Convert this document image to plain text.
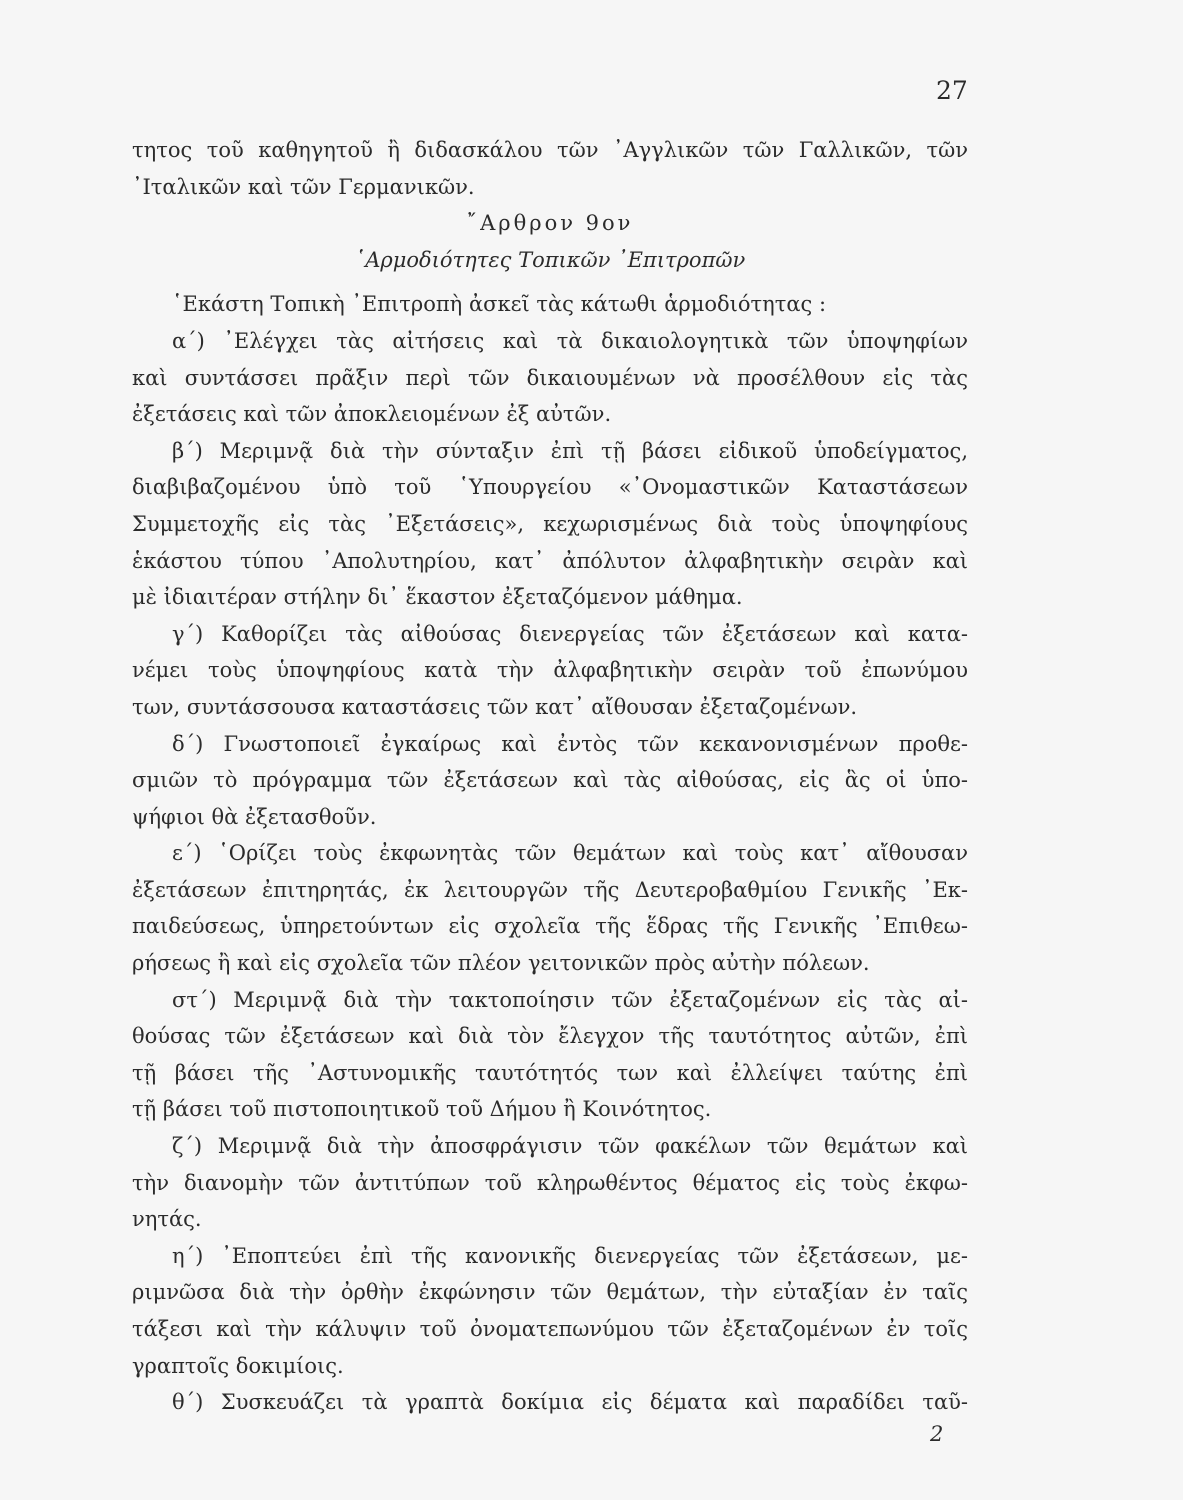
27
τητος τοῦ καθηγητοῦ ἢ διδασκάλου τῶν ᾿Αγγλικῶν τῶν Γαλλικῶν, τῶν
᾿Ιταλικῶν καὶ τῶν Γερμανικῶν.
῎Αρθρον 9ον
῾Αρμοδιότητες Τοπικῶν ᾿Επιτροπῶν
῾Εκάστη Τοπικὴ ᾿Επιτροπὴ ἀσκεῖ τὰς κάτωθι ἁρμοδιότητας :
α΄) ᾿Ελέγχει τὰς αἰτήσεις καὶ τὰ δικαιολογητικὰ τῶν ὑποψηφίων
καὶ συντάσσει πρᾶξιν περὶ τῶν δικαιουμένων νὰ προσέλθουν εἰς τὰς
ἐξετάσεις καὶ τῶν ἀποκλειομένων ἐξ αὐτῶν.
β΄) Μεριμνᾷ διὰ τὴν σύνταξιν ἐπὶ τῇ βάσει εἰδικοῦ ὑποδείγματος,
διαβιβαζομένου ὑπὸ τοῦ ῾Υπουργείου «᾿Ονομαστικῶν Καταστάσεων
Συμμετοχῆς εἰς τὰς ᾿Εξετάσεις», κεχωρισμένως διὰ τοὺς ὑποψηφίους
ἑκάστου τύπου ᾿Απολυτηρίου, κατ᾿ ἀπόλυτον ἀλφαβητικὴν σειρὰν καὶ
μὲ ἰδιαιτέραν στήλην δι᾿ ἕκαστον ἐξεταζόμενον μάθημα.
γ΄) Καθορίζει τὰς αἰθούσας διενεργείας τῶν ἐξετάσεων καὶ κατα-
νέμει τοὺς ὑποψηφίους κατὰ τὴν ἀλφαβητικὴν σειρὰν τοῦ ἐπωνύμου
των, συντάσσουσα καταστάσεις τῶν κατ᾿ αἴθουσαν ἐξεταζομένων.
δ΄) Γνωστοποιεῖ ἐγκαίρως καὶ ἐντὸς τῶν κεκανονισμένων προθε-
σμιῶν τὸ πρόγραμμα τῶν ἐξετάσεων καὶ τὰς αἰθούσας, εἰς ἃς οἱ ὑπο-
ψήφιοι θὰ ἐξετασθοῦν.
ε΄) ῾Ορίζει τοὺς ἐκφωνητὰς τῶν θεμάτων καὶ τοὺς κατ᾿ αἴθουσαν
ἐξετάσεων ἐπιτηρητάς, ἐκ λειτουργῶν τῆς Δευτεροβαθμίου Γενικῆς ᾿Εκ-
παιδεύσεως, ὑπηρετούντων εἰς σχολεῖα τῆς ἕδρας τῆς Γενικῆς ᾿Επιθεω-
ρήσεως ἢ καὶ εἰς σχολεῖα τῶν πλέον γειτονικῶν πρὸς αὐτὴν πόλεων.
στ΄) Μεριμνᾷ διὰ τὴν τακτοποίησιν τῶν ἐξεταζομένων εἰς τὰς αἰ-
θούσας τῶν ἐξετάσεων καὶ διὰ τὸν ἔλεγχον τῆς ταυτότητος αὐτῶν, ἐπὶ
τῇ βάσει τῆς ᾿Αστυνομικῆς ταυτότητός των καὶ ἐλλείψει ταύτης ἐπὶ
τῇ βάσει τοῦ πιστοποιητικοῦ τοῦ Δήμου ἢ Κοινότητος.
ζ΄) Μεριμνᾷ διὰ τὴν ἀποσφράγισιν τῶν φακέλων τῶν θεμάτων καὶ
τὴν διανομὴν τῶν ἀντιτύπων τοῦ κληρωθέντος θέματος εἰς τοὺς ἐκφω-
νητάς.
η΄) ᾿Εποπτεύει ἐπὶ τῆς κανονικῆς διενεργείας τῶν ἐξετάσεων, με-
ριμνῶσα διὰ τὴν ὀρθὴν ἐκφώνησιν τῶν θεμάτων, τὴν εὐταξίαν ἐν ταῖς
τάξεσι καὶ τὴν κάλυψιν τοῦ ὀνοματεπωνύμου τῶν ἐξεταζομένων ἐν τοῖς
γραπτοῖς δοκιμίοις.
θ΄) Συσκευάζει τὰ γραπτὰ δοκίμια εἰς δέματα καὶ παραδίδει ταῦ-
2
